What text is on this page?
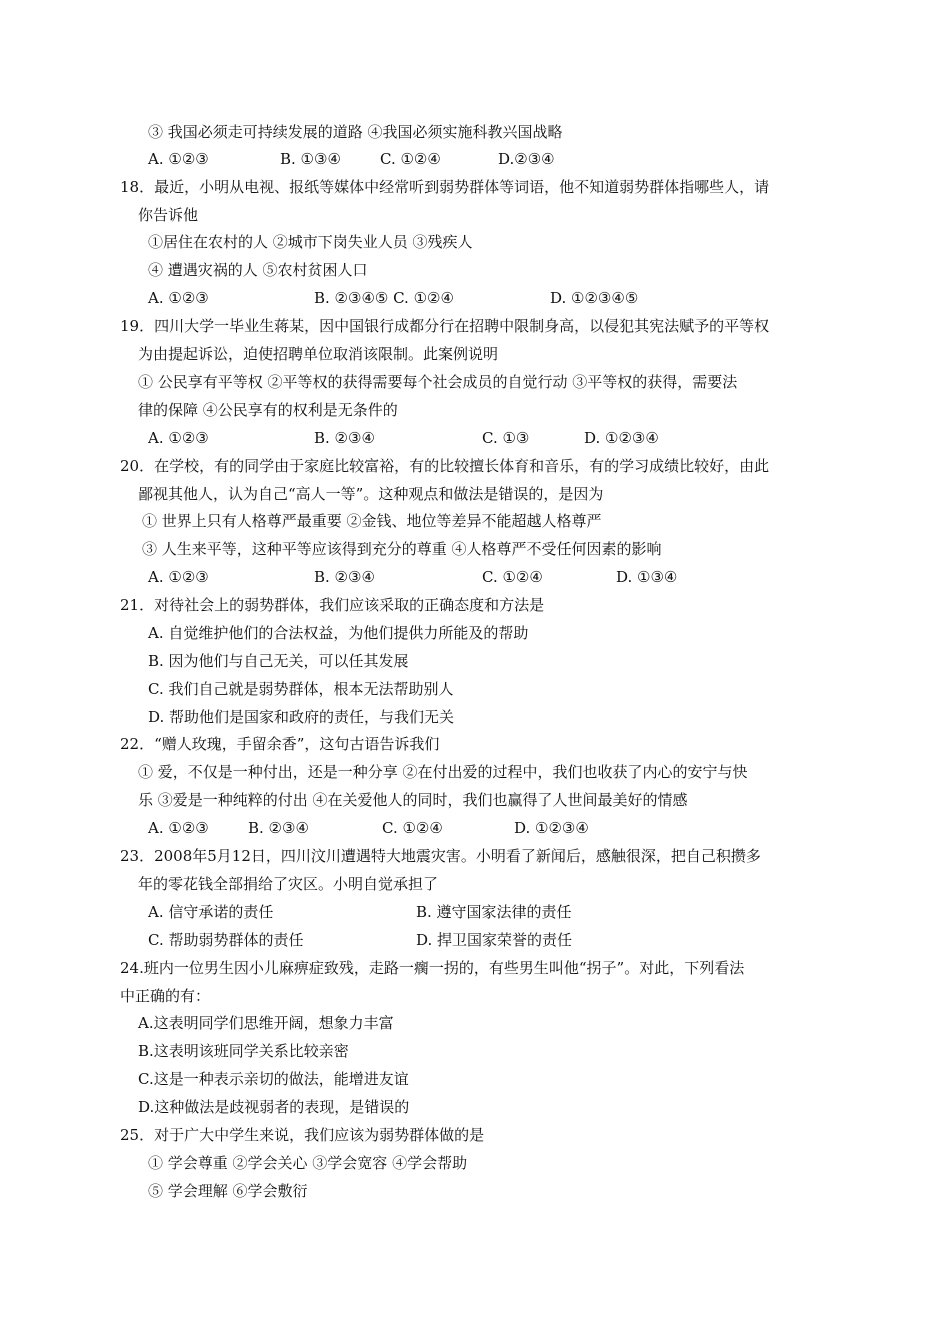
③ 我国必须走可持续发展的道路 ④我国必须实施科教兴国战略
A. ①②③	B. ①③④	C. ①②④	D.②③④
18．最近，小明从电视、报纸等媒体中经常听到弱势群体等词语，他不知道弱势群体指哪些人，请
你告诉他
①居住在农村的人 ②城市下岗失业人员 ③残疾人
④ 遭遇灾祸的人 ⑤农村贫困人口
A. ①②③	B. ②③④⑤ C. ①②④	D. ①②③④⑤
19．四川大学一毕业生蒋某，因中国银行成都分行在招聘中限制身高，以侵犯其宪法赋予的平等权
为由提起诉讼，迫使招聘单位取消该限制。此案例说明
① 公民享有平等权 ②平等权的获得需要每个社会成员的自觉行动 ③平等权的获得，需要法
律的保障 ④公民享有的权利是无条件的
A. ①②③	B. ②③④	C. ①③	D. ①②③④
20．在学校，有的同学由于家庭比较富裕，有的比较擅长体育和音乐，有的学习成绩比较好，由此
鄙视其他人，认为自己“高人一等”。这种观点和做法是错误的，是因为
① 世界上只有人格尊严最重要 ②金钱、地位等差异不能超越人格尊严
③ 人生来平等，这种平等应该得到充分的尊重 ④人格尊严不受任何因素的影响
A. ①②③	B. ②③④	C. ①②④	D. ①③④
21．对待社会上的弱势群体，我们应该采取的正确态度和方法是
A. 自觉维护他们的合法权益，为他们提供力所能及的帮助
B. 因为他们与自己无关，可以任其发展
C. 我们自己就是弱势群体，根本无法帮助别人
D. 帮助他们是国家和政府的责任，与我们无关
22．“赠人玫瑰，手留余香”，这句古语告诉我们
① 爱，不仅是一种付出，还是一种分享 ②在付出爱的过程中，我们也收获了内心的安宁与快
乐 ③爱是一种纯粹的付出 ④在关爱他人的同时，我们也赢得了人世间最美好的情感
A. ①②③	B. ②③④	C. ①②④	D. ①②③④
23．2008年5月12日，四川汶川遭遇特大地震灾害。小明看了新闻后，感触很深，把自己积攒多
年的零花钱全部捐给了灾区。小明自觉承担了
A. 信守承诺的责任	B. 遵守国家法律的责任
C. 帮助弱势群体的责任	D. 捍卫国家荣誉的责任
24.班内一位男生因小儿麻痹症致残，走路一瘸一拐的，有些男生叫他“拐子”。对此，下列看法
中正确的有：
A.这表明同学们思维开阔，想象力丰富
B.这表明该班同学关系比较亲密
C.这是一种表示亲切的做法，能增进友谊
D.这种做法是歧视弱者的表现，是错误的
25．对于广大中学生来说，我们应该为弱势群体做的是
① 学会尊重 ②学会关心 ③学会宽容 ④学会帮助
⑤ 学会理解 ⑥学会敷衍
